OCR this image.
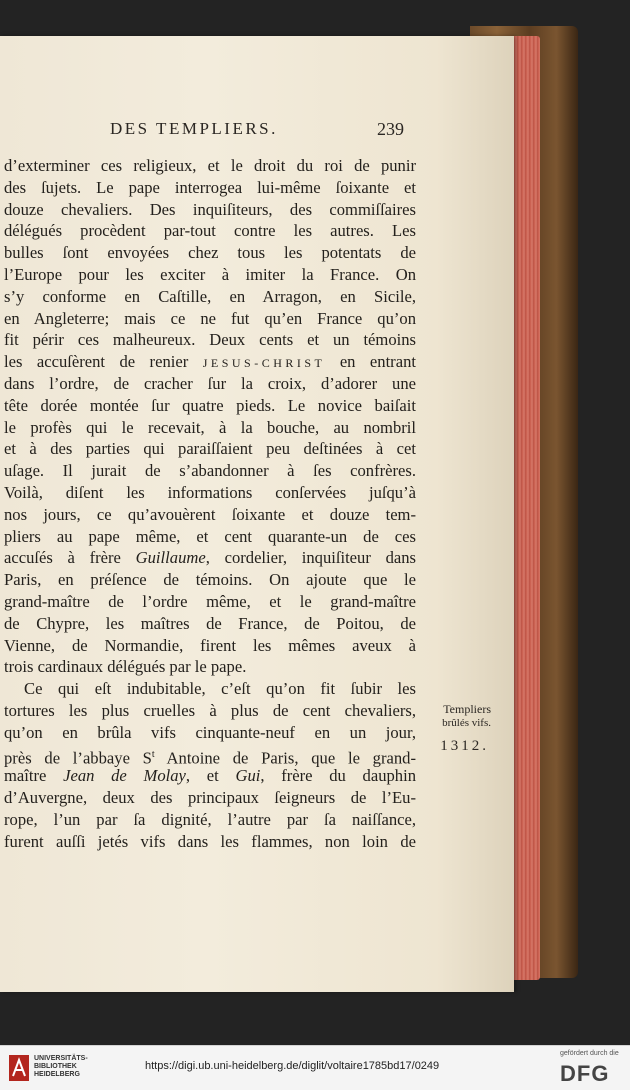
DES TEMPLIERS.	239
d’exterminer ces religieux, et le droit du roi de punir
des ſujets. Le pape interrogea lui-même ſoixante et
douze chevaliers. Des inquiſiteurs, des commiſſaires
délégués procèdent par-tout contre les autres. Les
bulles ſont envoyées chez tous les potentats de
l’Europe pour les exciter à imiter la France. On
s’y conforme en Caſtille, en Arragon, en Sicile,
en Angleterre; mais ce ne fut qu’en France qu’on
fit périr ces malheureux. Deux cents et un témoins
les accuſèrent de renier JESUS-CHRIST en entrant
dans l’ordre, de cracher ſur la croix, d’adorer une
tête dorée montée ſur quatre pieds. Le novice baiſait
le profès qui le recevait, à la bouche, au nombril
et à des parties qui paraiſſaient peu deſtinées à cet
uſage. Il jurait de s’abandonner à ſes confrères.
Voilà, diſent les informations conſervées juſqu’à
nos jours, ce qu’avouèrent ſoixante et douze tem-
pliers au pape même, et cent quarante-un de ces
accuſés à frère Guillaume, cordelier, inquiſiteur dans
Paris, en préſence de témoins. On ajoute que le
grand-maître de l’ordre même, et le grand-maître
de Chypre, les maîtres de France, de Poitou, de
Vienne, de Normandie, firent les mêmes aveux à
trois cardinaux délégués par le pape.
Ce qui eſt indubitable, c’eſt qu’on fit ſubir les
tortures les plus cruelles à plus de cent chevaliers,
qu’on en brûla vifs cinquante-neuf en un jour,
près de l’abbaye $S^t$ Antoine de Paris, que le grand-
maître Jean de Molay, et Gui, frère du dauphin
d’Auvergne, deux des principaux ſeigneurs de l’Eu-
rope, l’un par ſa dignité, l’autre par ſa naiſſance,
furent auſſi jetés vifs dans les flammes, non loin de
Templiers
brûlés vifs.
1312.
UNIVERSITÄTS-
BIBLIOTHEK
HEIDELBERG
https://digi.ub.uni-heidelberg.de/diglit/voltaire1785bd17/0249
gefördert durch die
DFG
